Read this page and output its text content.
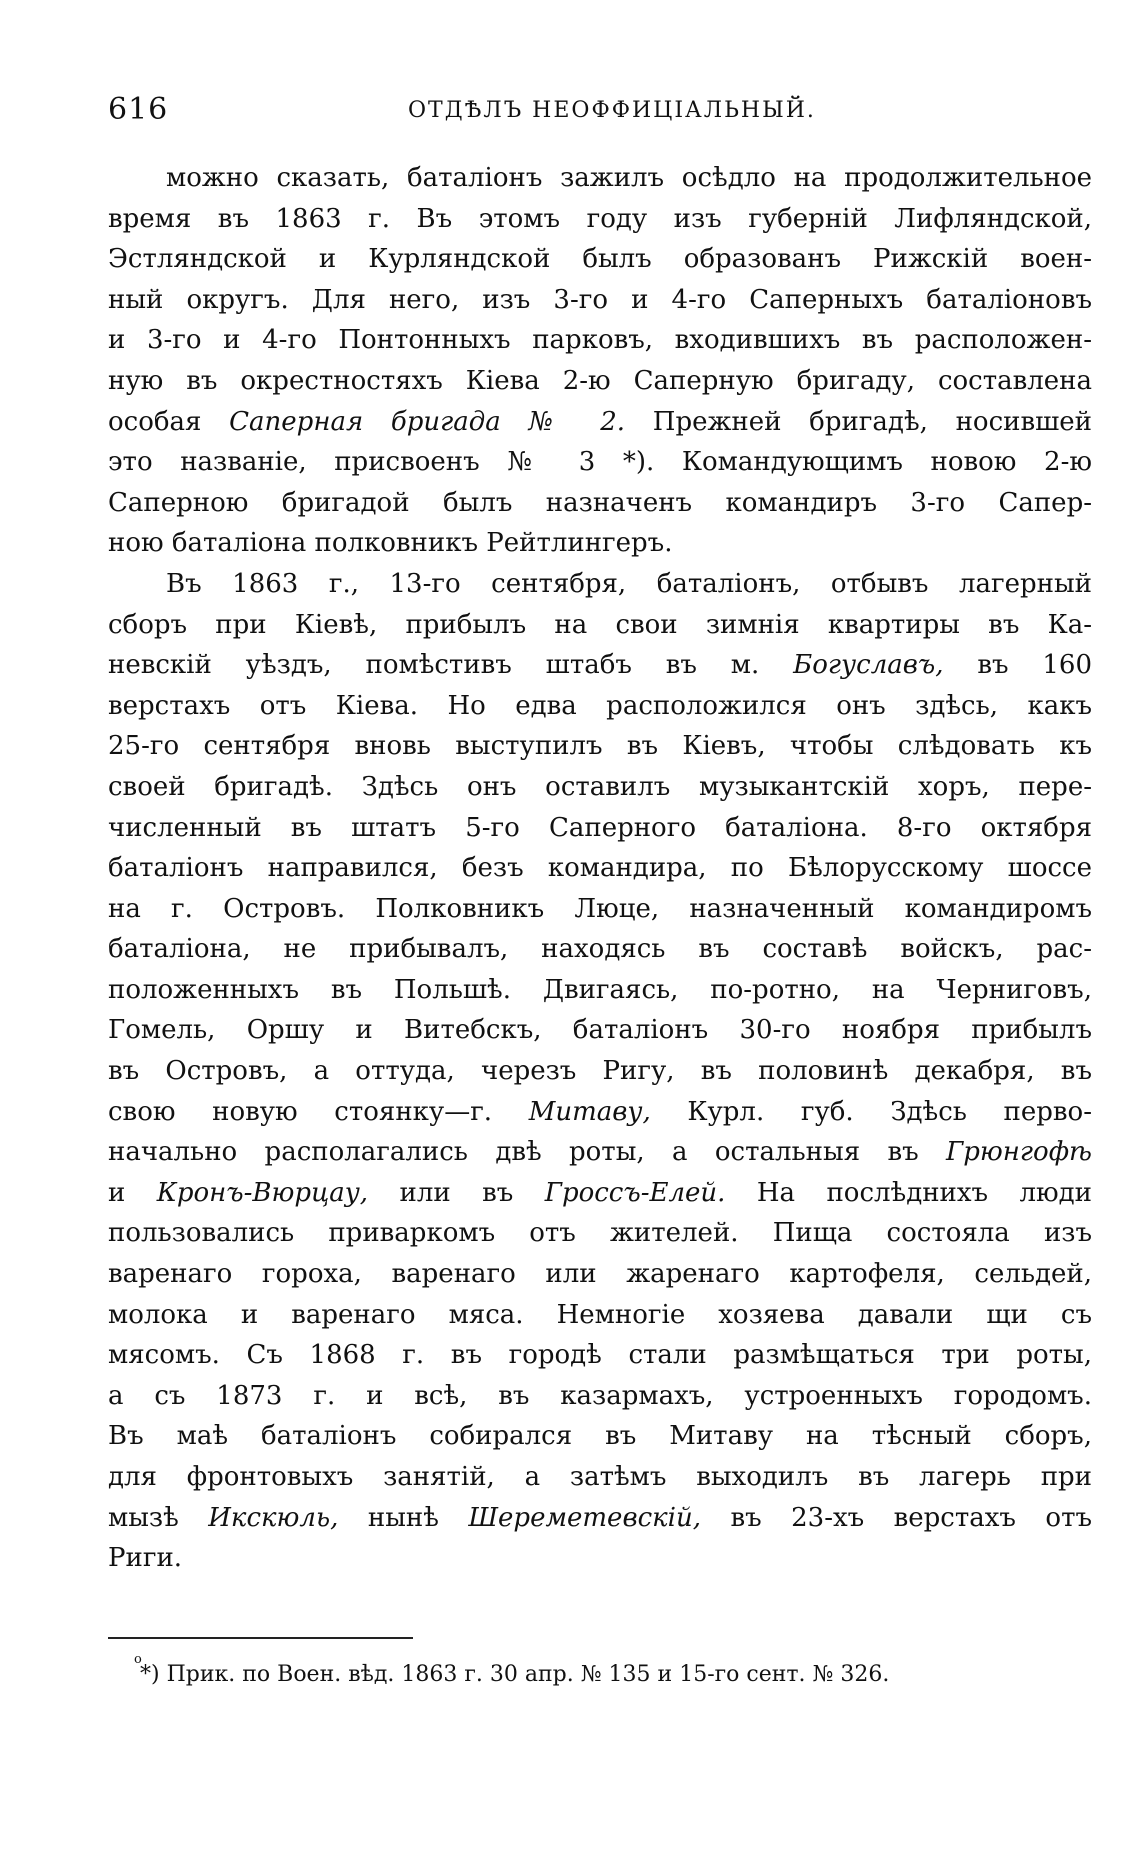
616	ОТДѢЛЪ НЕОФФИЦІАЛЬНЫЙ.
можно сказать, баталіонъ зажилъ осѣдло на продолжительное
время въ 1863 г. Въ этомъ году изъ губерній Лифляндской,
Эстляндской и Курляндской былъ образованъ Рижскій воен-
ный округъ. Для него, изъ 3-го и 4-го Саперныхъ баталіоновъ
и 3-го и 4-го Понтонныхъ парковъ, входившихъ въ расположен-
ную въ окрестностяхъ Кіева 2-ю Саперную бригаду, составлена
особая Саперная бригада № 2. Прежней бригадѣ, носившей
это названіе, присвоенъ № 3 *). Командующимъ новою 2-ю
Саперною бригадой былъ назначенъ командиръ 3-го Сапер-
ною баталіона полковникъ Рейтлингеръ.
Въ 1863 г., 13-го сентября, баталіонъ, отбывъ лагерный
сборъ при Кіевѣ, прибылъ на свои зимнія квартиры въ Ка-
невскій уѣздъ, помѣстивъ штабъ въ м. Богуславъ, въ 160
верстахъ отъ Кіева. Но едва расположился онъ здѣсь, какъ
25-го сентября вновь выступилъ въ Кіевъ, чтобы слѣдовать къ
своей бригадѣ. Здѣсь онъ оставилъ музыкантскій хоръ, пере-
численный въ штатъ 5-го Саперного баталіона. 8-го октября
баталіонъ направился, безъ командира, по Бѣлорусскому шоссе
на г. Островъ. Полковникъ Люце, назначенный командиромъ
баталіона, не прибывалъ, находясь въ составѣ войскъ, рас-
положенныхъ въ Польшѣ. Двигаясь, по-ротно, на Черниговъ,
Гомель, Оршу и Витебскъ, баталіонъ 30-го ноября прибылъ
въ Островъ, а оттуда, черезъ Ригу, въ половинѣ декабря, въ
свою новую стоянку—г. Митаву, Курл. губ. Здѣсь перво-
начально располагались двѣ роты, а остальныя въ Грюнгофѣ
и Кронъ-Вюрцау, или въ Гроссъ-Елей. На послѣднихъ люди
пользовались приваркомъ отъ жителей. Пища состояла изъ
варенаго гороха, варенаго или жаренаго картофеля, сельдей,
молока и варенаго мяса. Немногіе хозяева давали щи съ
мясомъ. Съ 1868 г. въ городѣ стали размѣщаться три роты,
а съ 1873 г. и всѣ, въ казармахъ, устроенныхъ городомъ.
Въ маѣ баталіонъ собирался въ Митаву на тѣсный сборъ,
для фронтовыхъ занятій, а затѣмъ выходилъ въ лагерь при
мызѣ Икскюль, нынѣ Шереметевскій, въ 23-хъ верстахъ отъ
Риги.
о
*) Прик. по Воен. вѣд. 1863 г. 30 апр. № 135 и 15-го сент. № 326.
